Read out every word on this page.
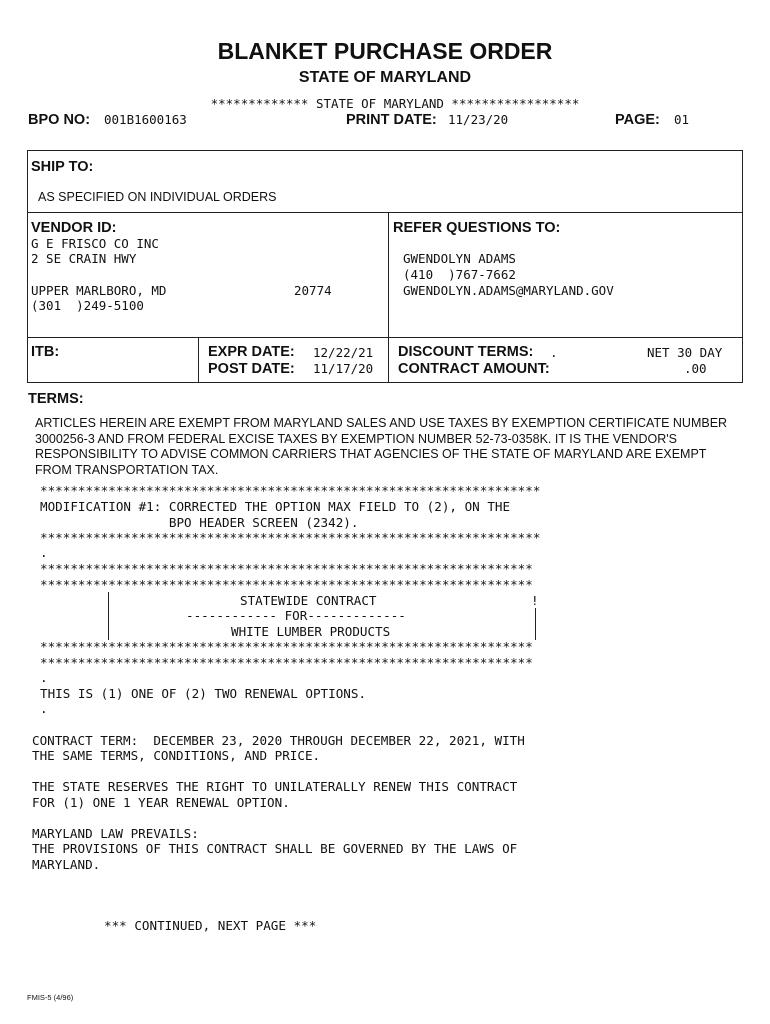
BLANKET PURCHASE ORDER
STATE OF MARYLAND
************* STATE OF MARYLAND *****************
BPO NO: 001B1600163	PRINT DATE: 11/23/20	PAGE: 01
SHIP TO:
AS SPECIFIED ON INDIVIDUAL ORDERS
VENDOR ID:
G E FRISCO CO INC
2 SE CRAIN HWY
UPPER MARLBORO, MD	20774
(301  )249-5100
REFER QUESTIONS TO:
GWENDOLYN ADAMS
(410  )767-7662
GWENDOLYN.ADAMS@MARYLAND.GOV
ITB:	EXPR DATE: 12/22/21
POST DATE: 11/17/20
DISCOUNT TERMS: .	NET 30 DAY
CONTRACT AMOUNT:	.00
TERMS:
ARTICLES HEREIN ARE EXEMPT FROM MARYLAND SALES AND USE TAXES BY EXEMPTION CERTIFICATE NUMBER 3000256-3 AND FROM FEDERAL EXCISE TAXES BY EXEMPTION NUMBER 52-73-0358K. IT IS THE VENDOR'S RESPONSIBILITY TO ADVISE COMMON CARRIERS THAT AGENCIES OF THE STATE OF MARYLAND ARE EXEMPT FROM TRANSPORTATION TAX.
******************************************************************
MODIFICATION #1: CORRECTED THE OPTION MAX FIELD TO (2), ON THE
BPO HEADER SCREEN (2342).
******************************************************************
.
*****************************************************************
*****************************************************************
STATEWIDE CONTRACT	!
------------ FOR-------------
WHITE LUMBER PRODUCTS
*****************************************************************
*****************************************************************
.
THIS IS (1) ONE OF (2) TWO RENEWAL OPTIONS.
.
CONTRACT TERM:  DECEMBER 23, 2020 THROUGH DECEMBER 22, 2021, WITH
THE SAME TERMS, CONDITIONS, AND PRICE.
THE STATE RESERVES THE RIGHT TO UNILATERALLY RENEW THIS CONTRACT
FOR (1) ONE 1 YEAR RENEWAL OPTION.
MARYLAND LAW PREVAILS:
THE PROVISIONS OF THIS CONTRACT SHALL BE GOVERNED BY THE LAWS OF
MARYLAND.
*** CONTINUED, NEXT PAGE ***
FMIS-5 (4/96)
